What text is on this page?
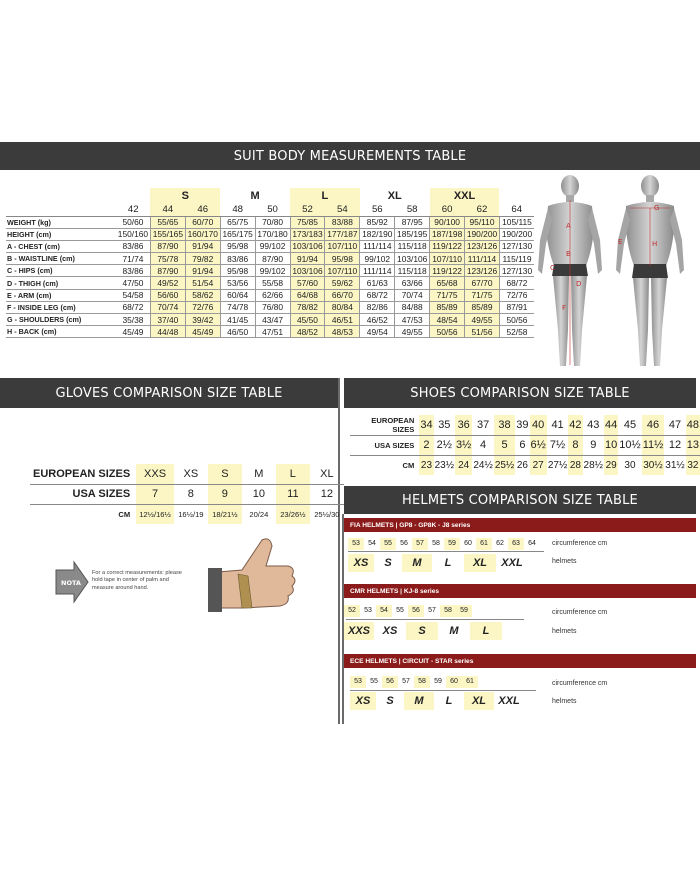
SUIT BODY MEASUREMENTS TABLE
		S		M		L		XL		XXL		
	42	44	46	48	50	52	54	56	58	60	62	64
WEIGHT (kg)	50/60	55/65	60/70	65/75	70/80	75/85	83/88	85/92	87/95	90/100	95/110	105/115
HEIGHT (cm)	150/160	155/165	160/170	165/175	170/180	173/183	177/187	182/190	185/195	187/198	190/200	190/200
A - CHEST (cm)	83/86	87/90	91/94	95/98	99/102	103/106	107/110	111/114	115/118	119/122	123/126	127/130
B - WAISTLINE (cm)	71/74	75/78	79/82	83/86	87/90	91/94	95/98	99/102	103/106	107/110	111/114	115/119
C - HIPS (cm)	83/86	87/90	91/94	95/98	99/102	103/106	107/110	111/114	115/118	119/122	123/126	127/130
D - THIGH (cm)	47/50	49/52	51/54	53/56	55/58	57/60	59/62	61/63	63/66	65/68	67/70	68/72
E - ARM (cm)	54/58	56/60	58/62	60/64	62/66	64/68	66/70	68/72	70/74	71/75	71/75	72/76
F - INSIDE LEG (cm)	68/72	70/74	72/76	74/78	76/80	78/82	80/84	82/86	84/88	85/89	85/89	87/91
G - SHOULDERS (cm)	35/38	37/40	39/42	41/45	43/47	45/50	46/51	46/52	47/53	48/54	49/55	50/56
H - BACK (cm)	45/49	44/48	45/49	46/50	47/51	48/52	48/53	49/54	49/55	50/56	51/56	52/58
A
B
C
D
E
F
G
H
GLOVES COMPARISON SIZE TABLE
EUROPEAN SIZES	XXS	XS	S	M	L	XL
USA SIZES	7	8	9	10	11	12
CM	12½/16½	16½/19	18/21½	20/24	23/26½	25½/30
NOTA
For a correct measurements: please hold tape in center of palm and measure around hand.
SHOES COMPARISON SIZE TABLE
EUROPEAN SIZES	34	35	36	37	38	39	40	41	42	43	44	45	46	47	48
USA SIZES	2	2½	3½	4	5	6	6½	7½	8	9	10	10½	11½	12	13
CM	23	23½	24	24½	25½	26	27	27½	28	28½	29	30	30½	31½	32
HELMETS COMPARISON SIZE TABLE
FIA HELMETS | GP8 - GP8K - J8 series
53	54	55	56	57	58	59	60	61	62	63	64	circumference cm
XS	S	M	L	XL	XXL	helmets
CMR HELMETS | KJ-8 series
52	53	54	55	56	57	58	59	circumference cm
XXS	XS	S	M	L	helmets
ECE HELMETS | CIRCUIT - STAR series
53	55	56	57	58	59	60	61	circumference cm
XS	S	M	L	XL	XXL	helmets
